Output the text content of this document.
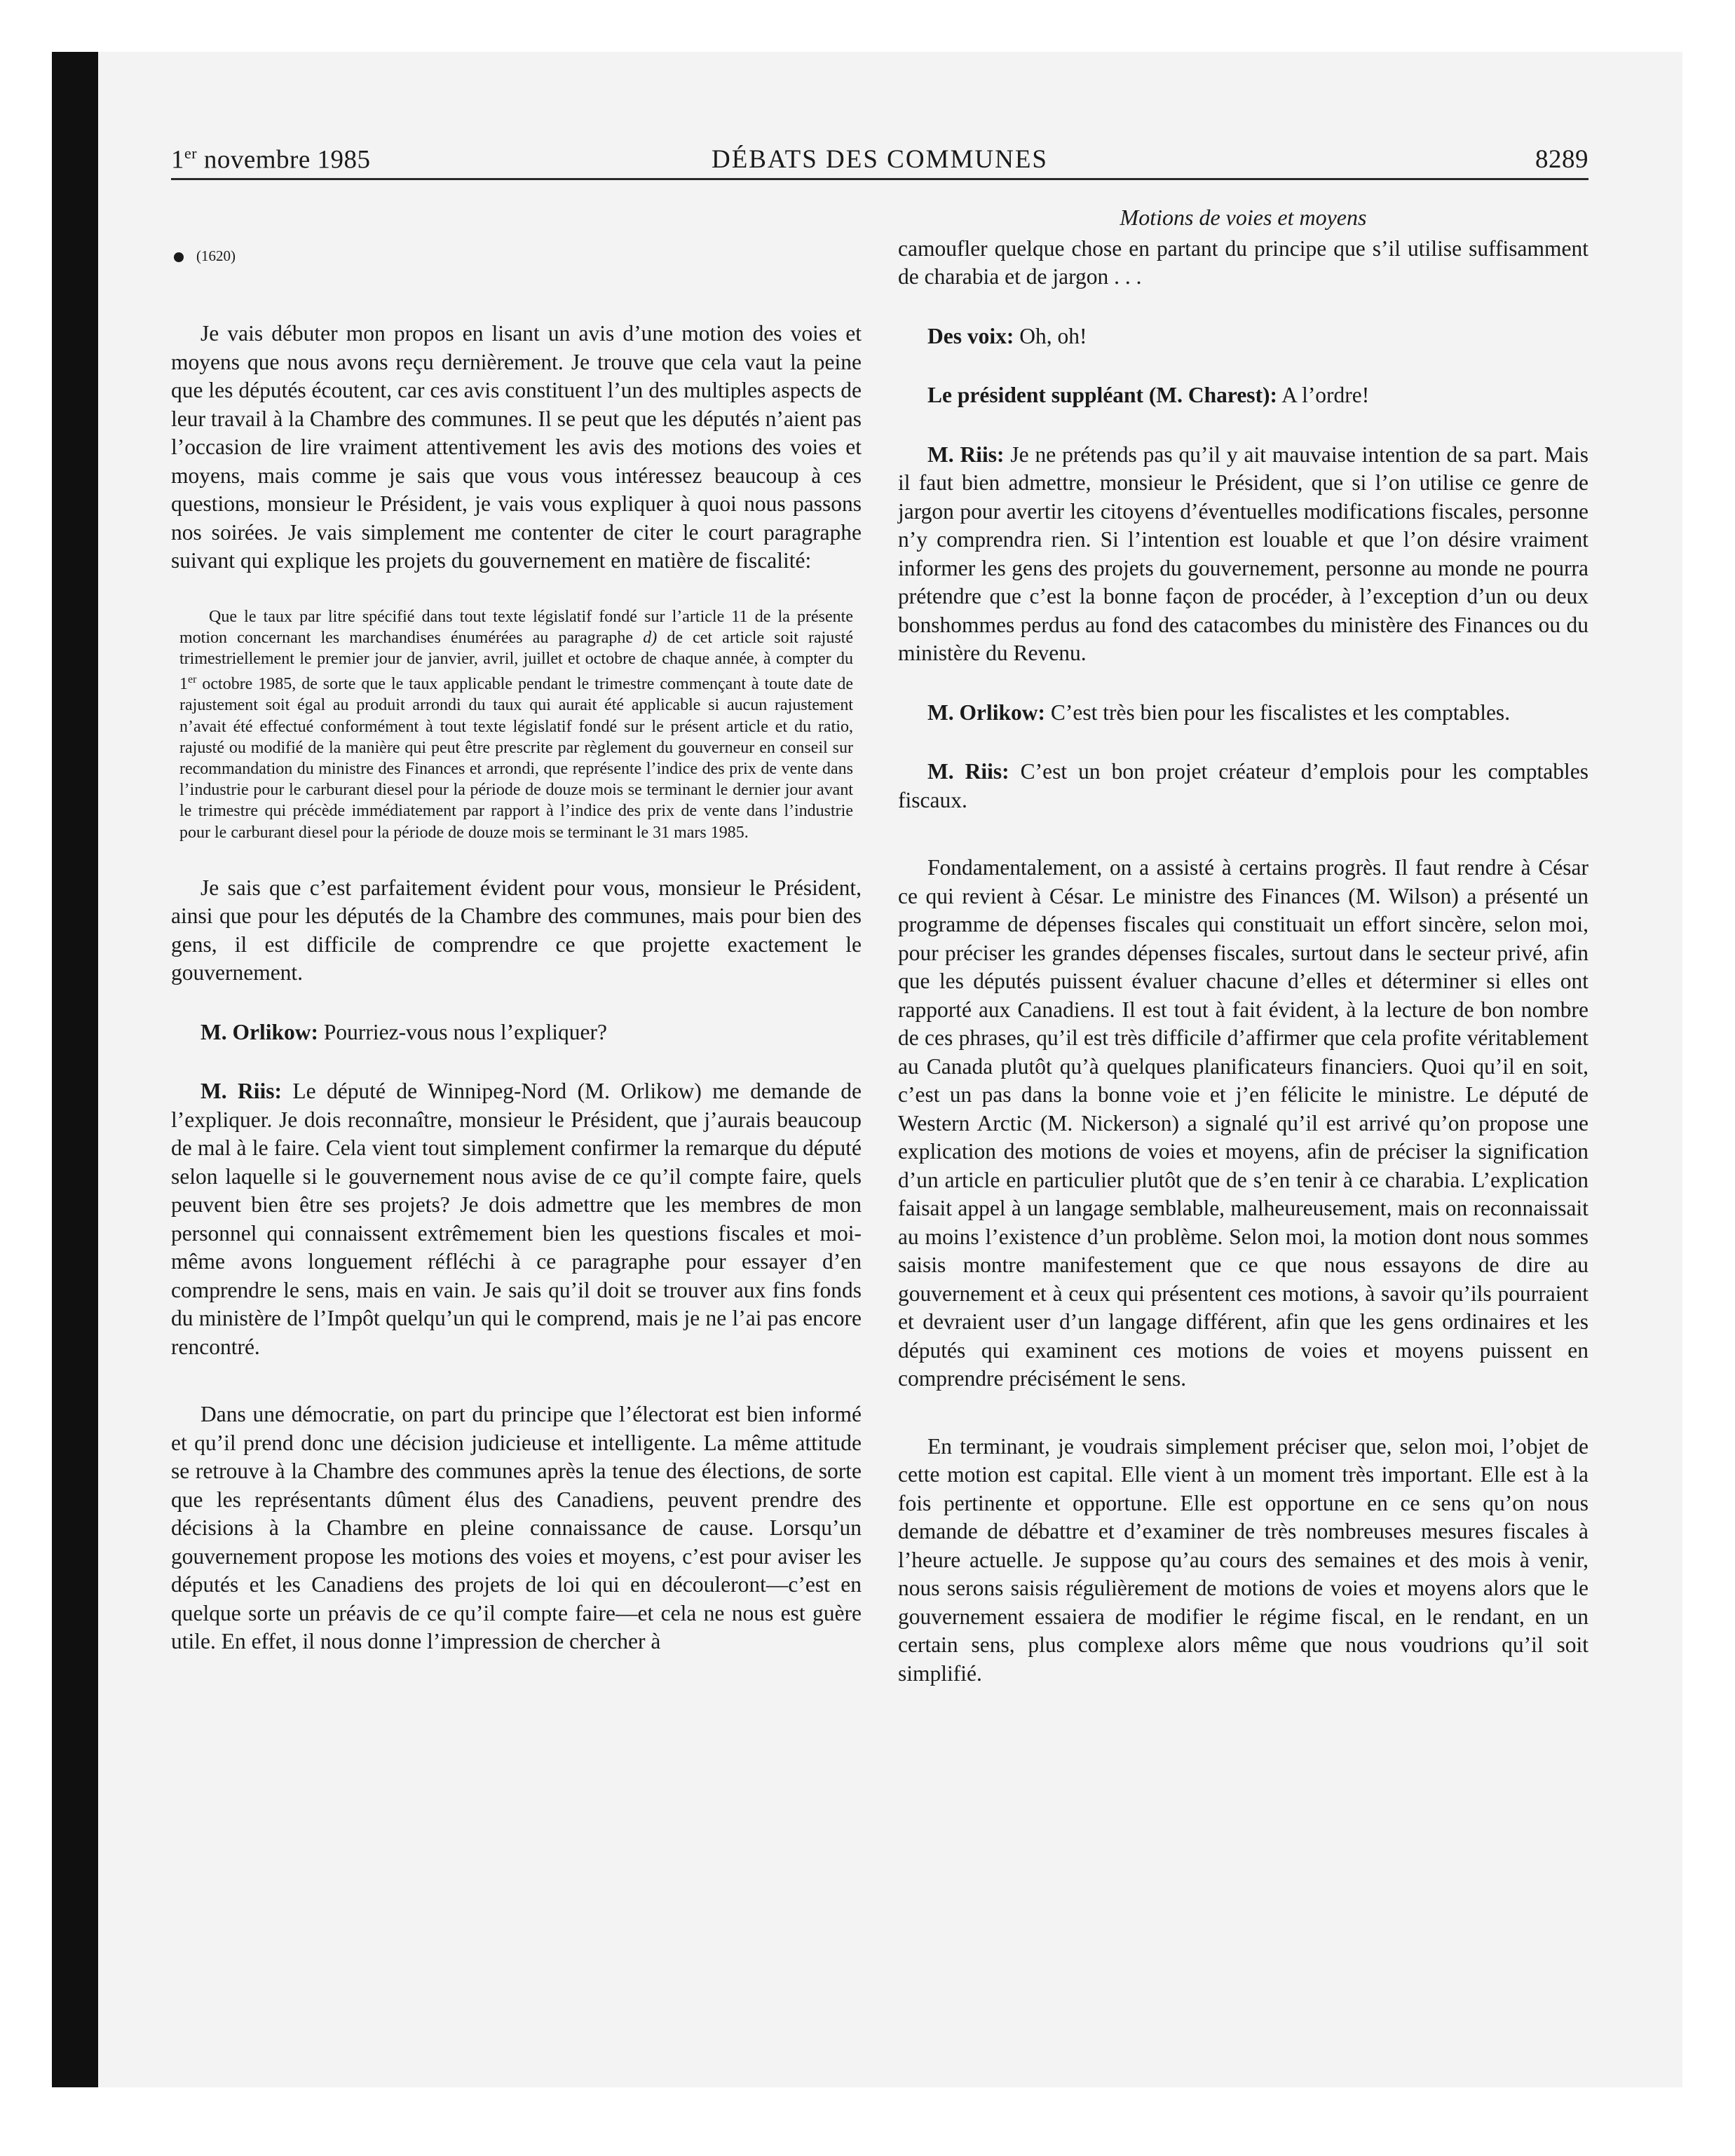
1er novembre 1985	DÉBATS DES COMMUNES	8289
(1620)

Je vais débuter mon propos en lisant un avis d’une motion des voies et moyens que nous avons reçu dernièrement. Je trouve que cela vaut la peine que les députés écoutent, car ces avis constituent l’un des multiples aspects de leur travail à la Chambre des communes. Il se peut que les députés n’aient pas l’occasion de lire vraiment attentivement les avis des motions des voies et moyens, mais comme je sais que vous vous intéressez beaucoup à ces questions, monsieur le Président, je vais vous expliquer à quoi nous passons nos soirées. Je vais simplement me contenter de citer le court paragraphe suivant qui explique les projets du gouvernement en matière de fiscalité:

Que le taux par litre spécifié dans tout texte législatif fondé sur l’article 11 de la présente motion concernant les marchandises énumérées au paragraphe d) de cet article soit rajusté trimestriellement le premier jour de janvier, avril, juillet et octobre de chaque année, à compter du 1er octobre 1985, de sorte que le taux applicable pendant le trimestre commençant à toute date de rajustement soit égal au produit arrondi du taux qui aurait été applicable si aucun rajustement n’avait été effectué conformément à tout texte législatif fondé sur le présent article et du ratio, rajusté ou modifié de la manière qui peut être prescrite par règlement du gouverneur en conseil sur recommandation du ministre des Finances et arrondi, que représente l’indice des prix de vente dans l’industrie pour le carburant diesel pour la période de douze mois se terminant le dernier jour avant le trimestre qui précède immédiatement par rapport à l’indice des prix de vente dans l’industrie pour le carburant diesel pour la période de douze mois se terminant le 31 mars 1985.

Je sais que c’est parfaitement évident pour vous, monsieur le Président, ainsi que pour les députés de la Chambre des communes, mais pour bien des gens, il est difficile de comprendre ce que projette exactement le gouvernement.

M. Orlikow: Pourriez-vous nous l’expliquer?

M. Riis: Le député de Winnipeg-Nord (M. Orlikow) me demande de l’expliquer. Je dois reconnaître, monsieur le Président, que j’aurais beaucoup de mal à le faire. Cela vient tout simplement confirmer la remarque du député selon laquelle si le gouvernement nous avise de ce qu’il compte faire, quels peuvent bien être ses projets? Je dois admettre que les membres de mon personnel qui connaissent extrêmement bien les questions fiscales et moi-même avons longuement réfléchi à ce paragraphe pour essayer d’en comprendre le sens, mais en vain. Je sais qu’il doit se trouver aux fins fonds du ministère de l’Impôt quelqu’un qui le comprend, mais je ne l’ai pas encore rencontré.

Dans une démocratie, on part du principe que l’électorat est bien informé et qu’il prend donc une décision judicieuse et intelligente. La même attitude se retrouve à la Chambre des communes après la tenue des élections, de sorte que les représentants dûment élus des Canadiens, peuvent prendre des décisions à la Chambre en pleine connaissance de cause. Lorsqu’un gouvernement propose les motions des voies et moyens, c’est pour aviser les députés et les Canadiens des projets de loi qui en découleront—c’est en quelque sorte un préavis de ce qu’il compte faire—et cela ne nous est guère utile. En effet, il nous donne l’impression de chercher à

Motions de voies et moyens

camoufler quelque chose en partant du principe que s’il utilise suffisamment de charabia et de jargon . . .

Des voix: Oh, oh!

Le président suppléant (M. Charest): A l’ordre!

M. Riis: Je ne prétends pas qu’il y ait mauvaise intention de sa part. Mais il faut bien admettre, monsieur le Président, que si l’on utilise ce genre de jargon pour avertir les citoyens d’éventuelles modifications fiscales, personne n’y comprendra rien. Si l’intention est louable et que l’on désire vraiment informer les gens des projets du gouvernement, personne au monde ne pourra prétendre que c’est la bonne façon de procéder, à l’exception d’un ou deux bonshommes perdus au fond des catacombes du ministère des Finances ou du ministère du Revenu.

M. Orlikow: C’est très bien pour les fiscalistes et les comptables.

M. Riis: C’est un bon projet créateur d’emplois pour les comptables fiscaux.

Fondamentalement, on a assisté à certains progrès. Il faut rendre à César ce qui revient à César. Le ministre des Finances (M. Wilson) a présenté un programme de dépenses fiscales qui constituait un effort sincère, selon moi, pour préciser les grandes dépenses fiscales, surtout dans le secteur privé, afin que les députés puissent évaluer chacune d’elles et déterminer si elles ont rapporté aux Canadiens. Il est tout à fait évident, à la lecture de bon nombre de ces phrases, qu’il est très difficile d’affirmer que cela profite véritablement au Canada plutôt qu’à quelques planificateurs financiers. Quoi qu’il en soit, c’est un pas dans la bonne voie et j’en félicite le ministre. Le député de Western Arctic (M. Nickerson) a signalé qu’il est arrivé qu’on propose une explication des motions de voies et moyens, afin de préciser la signification d’un article en particulier plutôt que de s’en tenir à ce charabia. L’explication faisait appel à un langage semblable, malheureusement, mais on reconnaissait au moins l’existence d’un problème. Selon moi, la motion dont nous sommes saisis montre manifestement que ce que nous essayons de dire au gouvernement et à ceux qui présentent ces motions, à savoir qu’ils pourraient et devraient user d’un langage différent, afin que les gens ordinaires et les députés qui examinent ces motions de voies et moyens puissent en comprendre précisément le sens.

En terminant, je voudrais simplement préciser que, selon moi, l’objet de cette motion est capital. Elle vient à un moment très important. Elle est à la fois pertinente et opportune. Elle est opportune en ce sens qu’on nous demande de débattre et d’examiner de très nombreuses mesures fiscales à l’heure actuelle. Je suppose qu’au cours des semaines et des mois à venir, nous serons saisis régulièrement de motions de voies et moyens alors que le gouvernement essaiera de modifier le régime fiscal, en le rendant, en un certain sens, plus complexe alors même que nous voudrions qu’il soit simplifié.
